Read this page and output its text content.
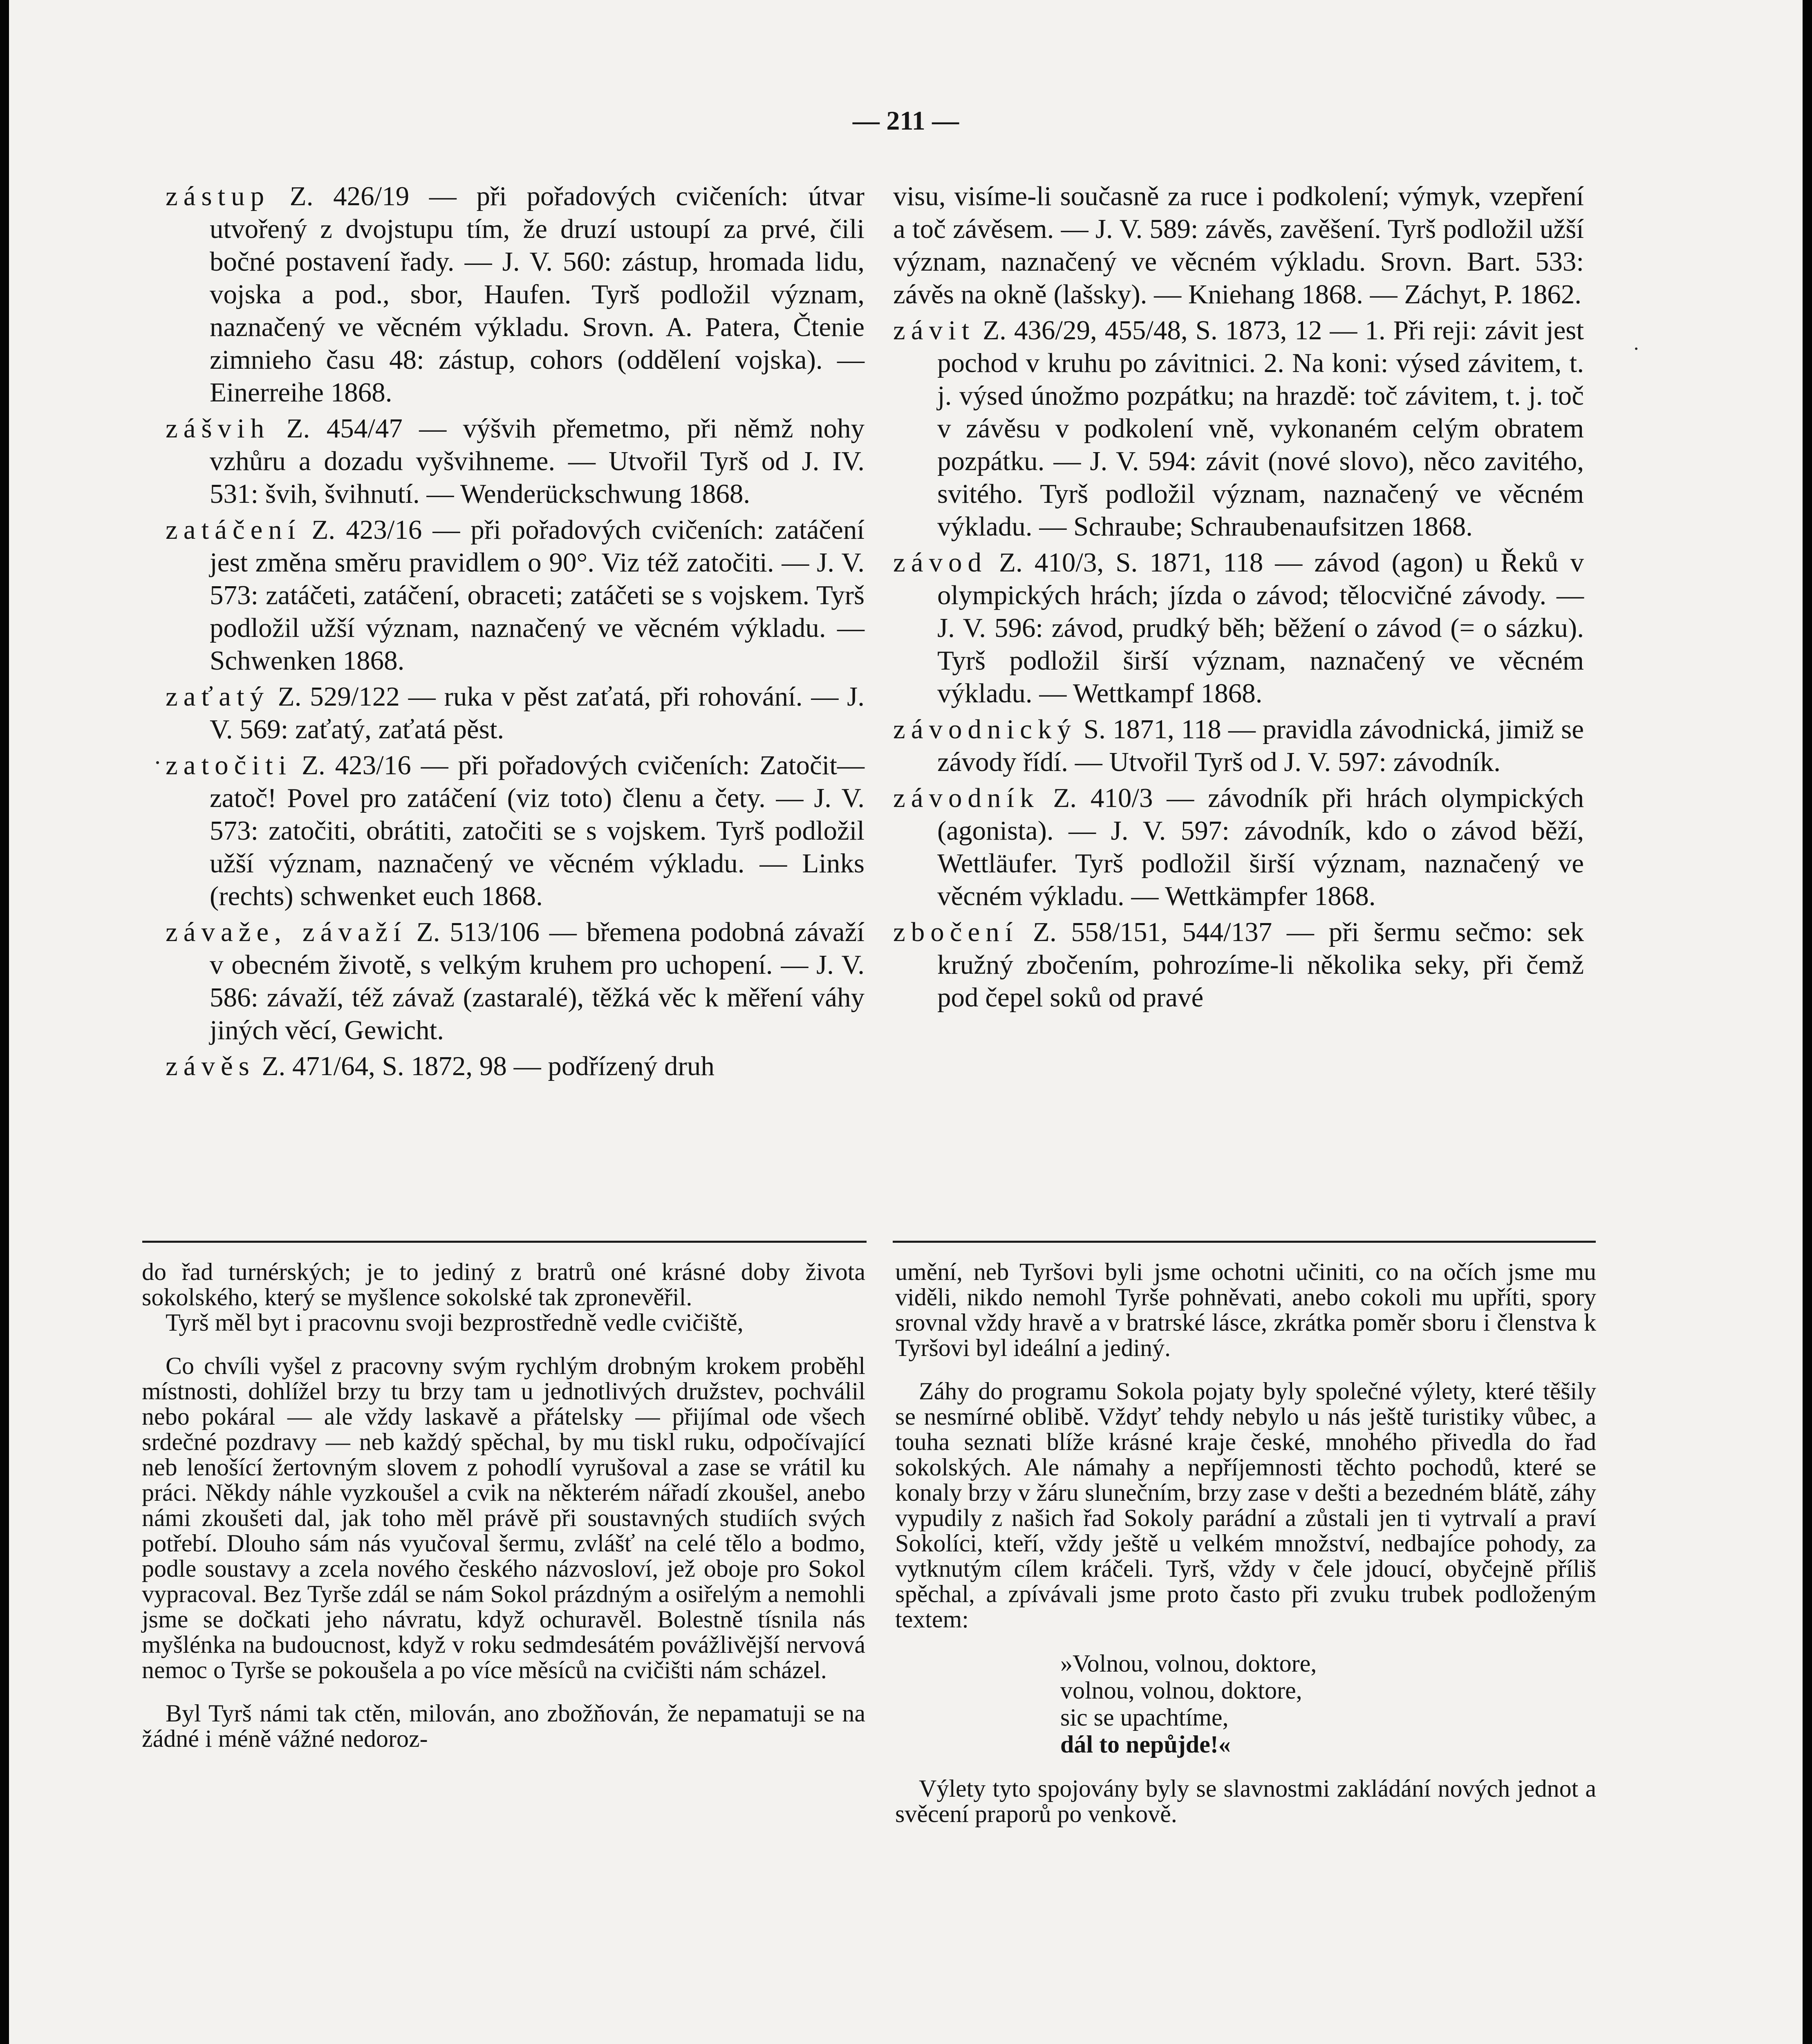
— 211 —

zástup Z. 426/19 — při pořadových cvičeních: útvar utvořený z dvojstupu tím, že druzí ustoupí za prvé, čili bočné postavení řady. — J. V. 560: zástup, hromada lidu, vojska a pod., sbor, Haufen. Tyrš podložil význam, naznačený ve věcném výkladu. Srovn. A. Patera, Čtenie zimnieho času 48: zástup, cohors (oddělení vojska). — Einerreihe 1868.

zášvih Z. 454/47 — výšvih přemetmo, při němž nohy vzhůru a dozadu vyšvihneme. — Utvořil Tyrš od J. IV. 531: švih, švihnutí. — Wenderückschwung 1868.

zatáčení Z. 423/16 — při pořadových cvičeních: zatáčení jest změna směru pravidlem o 90°. Viz též zatočiti. — J. V. 573: zatáčeti, zatáčení, obraceti; zatáčeti se s vojskem. Tyrš podložil užší význam, naznačený ve věcném výkladu. — Schwenken 1868.

zaťatý Z. 529/122 — ruka v pěst zaťatá, při rohování. — J. V. 569: zaťatý, zaťatá pěst.

zatočiti Z. 423/16 — při pořadových cvičeních: Zatočit—zatoč! Povel pro zatáčení (viz toto) členu a čety. — J. V. 573: zatočiti, obrátiti, zatočiti se s vojskem. Tyrš podložil užší význam, naznačený ve věcném výkladu. — Links (rechts) schwenket euch 1868.

závaže, závaží Z. 513/106 — břemena podobná závaží v obecném životě, s velkým kruhem pro uchopení. — J. V. 586: závaží, též závaž (zastaralé), těžká věc k měření váhy jiných věcí, Gewicht.

závěs Z. 471/64, S. 1872, 98 — podřízený druh

visu, visíme-li současně za ruce i podkolení; výmyk, vzepření a toč závěsem. — J. V. 589: závěs, zavěšení. Tyrš podložil užší význam, naznačený ve věcném výkladu. Srovn. Bart. 533: závěs na okně (lašsky). — Kniehang 1868. — Záchyt, P. 1862.

závit Z. 436/29, 455/48, S. 1873, 12 — 1. Při reji: závit jest pochod v kruhu po závitnici. 2. Na koni: výsed závitem, t. j. výsed únožmo pozpátku; na hrazdě: toč závitem, t. j. toč v závěsu v podkolení vně, vykonaném celým obratem pozpátku. — J. V. 594: závit (nové slovo), něco zavitého, svitého. Tyrš podložil význam, naznačený ve věcném výkladu. — Schraube; Schraubenaufsitzen 1868.

závod Z. 410/3, S. 1871, 118 — závod (agon) u Řeků v olympických hrách; jízda o závod; tělocvičné závody. — J. V. 596: závod, prudký běh; běžení o závod (= o sázku). Tyrš podložil širší význam, naznačený ve věcném výkladu. — Wettkampf 1868.

závodnický S. 1871, 118 — pravidla závodnická, jimiž se závody řídí. — Utvořil Tyrš od J. V. 597: závodník.

závodník Z. 410/3 — závodník při hrách olympických (agonista). — J. V. 597: závodník, kdo o závod běží, Wettläufer. Tyrš podložil širší význam, naznačený ve věcném výkladu. — Wettkämpfer 1868.

zbočení Z. 558/151, 544/137 — při šermu sečmo: sek kružný zbočením, pohrozíme-li několika seky, při čemž pod čepel soků od pravé

do řad turnérských; je to jediný z bratrů oné krásné doby života sokolského, který se myšlence sokolské tak zpronevěřil.

Tyrš měl byt i pracovnu svoji bezprostředně vedle cvičiště,

Co chvíli vyšel z pracovny svým rychlým drobným krokem proběhl místnosti, dohlížel brzy tu brzy tam u jednotlivých družstev, pochválil nebo pokáral — ale vždy laskavě a přátelsky — přijímal ode všech srdečné pozdravy — neb každý spěchal, by mu tiskl ruku, odpočívající neb lenošící žertovným slovem z pohodlí vyrušoval a zase se vrátil ku práci. Někdy náhle vyzkoušel a cvik na některém nářadí zkoušel, anebo námi zkoušeti dal, jak toho měl právě při soustavných studiích svých potřebí. Dlouho sám nás vyučoval šermu, zvlášť na celé tělo a bodmo, podle soustavy a zcela nového českého názvosloví, jež oboje pro Sokol vypracoval. Bez Tyrše zdál se nám Sokol prázdným a osiřelým a nemohli jsme se dočkati jeho návratu, když ochuravěl. Bolestně tísnila nás myšlénka na budoucnost, když v roku sedmdesátém povážlivější nervová nemoc o Tyrše se pokoušela a po více měsíců na cvičišti nám scházel.

Byl Tyrš námi tak ctěn, milován, ano zbožňován, že nepamatuji se na žádné i méně vážné nedoroz-

umění, neb Tyršovi byli jsme ochotni učiniti, co na očích jsme mu viděli, nikdo nemohl Tyrše pohněvati, anebo cokoli mu upříti, spory srovnal vždy hravě a v bratrské lásce, zkrátka poměr sboru i členstva k Tyršovi byl ideální a jediný.

Záhy do programu Sokola pojaty byly společné výlety, které těšily se nesmírné oblibě. Vždyť tehdy nebylo u nás ještě turistiky vůbec, a touha seznati blíže krásné kraje české, mnohého přivedla do řad sokolských. Ale námahy a nepříjemnosti těchto pochodů, které se konaly brzy v žáru slunečním, brzy zase v dešti a bezedném blátě, záhy vypudily z našich řad Sokoly parádní a zůstali jen ti vytrvalí a praví Sokolíci, kteří, vždy ještě u velkém množství, nedbajíce pohody, za vytknutým cílem kráčeli. Tyrš, vždy v čele jdoucí, obyčejně příliš spěchal, a zpívávali jsme proto často při zvuku trubek podloženým textem:

»Volnou, volnou, doktore,
volnou, volnou, doktore,
sic se upachtíme,
dál to nepůjde!«

Výlety tyto spojovány byly se slavnostmi zakládání nových jednot a svěcení praporů po venkově.
